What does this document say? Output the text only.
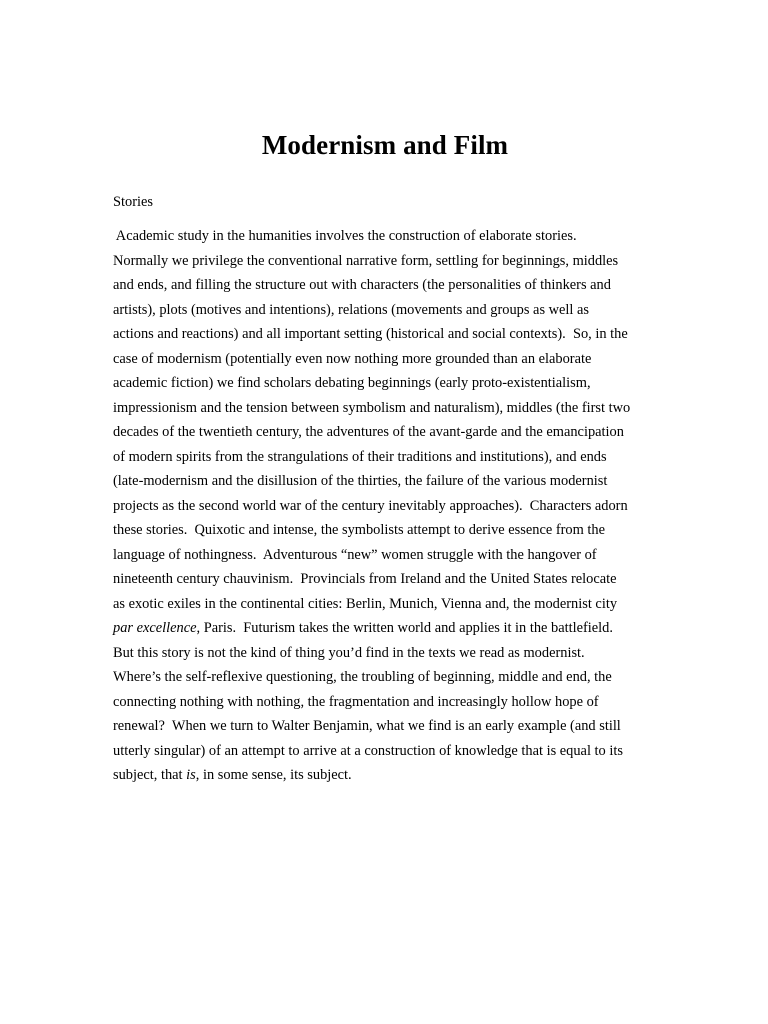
Modernism and Film

Stories

Academic study in the humanities involves the construction of elaborate stories.
Normally we privilege the conventional narrative form, settling for beginnings, middles
and ends, and filling the structure out with characters (the personalities of thinkers and
artists), plots (motives and intentions), relations (movements and groups as well as
actions and reactions) and all important setting (historical and social contexts).  So, in the
case of modernism (potentially even now nothing more grounded than an elaborate
academic fiction) we find scholars debating beginnings (early proto-existentialism,
impressionism and the tension between symbolism and naturalism), middles (the first two
decades of the twentieth century, the adventures of the avant-garde and the emancipation
of modern spirits from the strangulations of their traditions and institutions), and ends
(late-modernism and the disillusion of the thirties, the failure of the various modernist
projects as the second world war of the century inevitably approaches).  Characters adorn
these stories.  Quixotic and intense, the symbolists attempt to derive essence from the
language of nothingness.  Adventurous “new” women struggle with the hangover of
nineteenth century chauvinism.  Provincials from Ireland and the United States relocate
as exotic exiles in the continental cities: Berlin, Munich, Vienna and, the modernist city
par excellence, Paris.  Futurism takes the written world and applies it in the battlefield.
But this story is not the kind of thing you’d find in the texts we read as modernist.
Where’s the self-reflexive questioning, the troubling of beginning, middle and end, the
connecting nothing with nothing, the fragmentation and increasingly hollow hope of
renewal?  When we turn to Walter Benjamin, what we find is an early example (and still
utterly singular) of an attempt to arrive at a construction of knowledge that is equal to its
subject, that is, in some sense, its subject.
